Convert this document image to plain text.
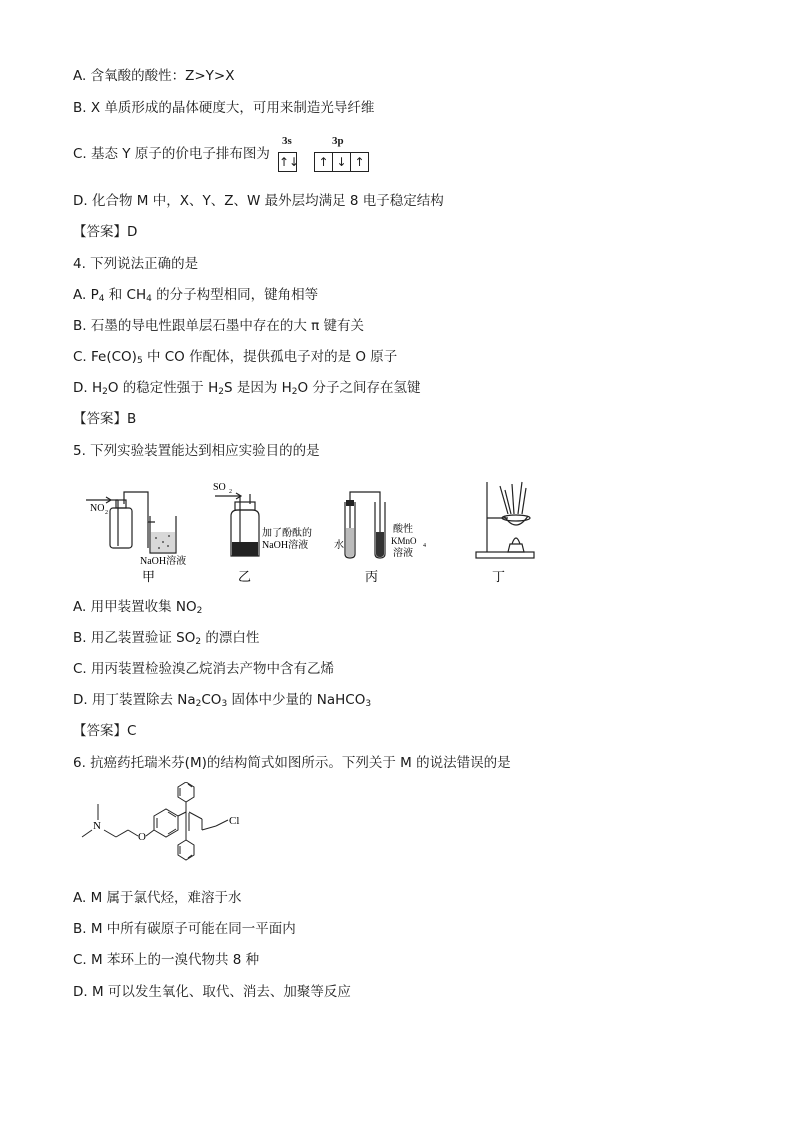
A. 含氧酸的酸性：Z>Y>X
B. X 单质形成的晶体硬度大，可用来制造光导纤维
C. 基态 Y 原子的价电子排布图为
3s	3p
↑↓ ↑ ↓ ↑
D. 化合物 M 中，X、Y、Z、W 最外层均满足 8 电子稳定结构
【答案】D
4. 下列说法正确的是
A. $P_4$ 和 $CH_4$ 的分子构型相同，键角相等
B. 石墨的导电性跟单层石墨中存在的大 π 键有关
C. $Fe(CO)_5$ 中 CO 作配体，提供孤电子对的是 O 原子
D. $H_2O$ 的稳定性强于 $H_2S$ 是因为 $H_2O$ 分子之间存在氢键
【答案】B
5. 下列实验装置能达到相应实验目的的是
NO 2
NaOH溶液
甲
SO 2
加了酚酞的
NaOH溶液
乙
水
酸性
KMnO 4
溶液
丙	丁
A. 用甲装置收集 $NO_2$
B. 用乙装置验证 $SO_2$ 的漂白性
C. 用丙装置检验溴乙烷消去产物中含有乙烯
D. 用丁装置除去 $Na_2CO_3$ 固体中少量的 NaHCO$_3$
【答案】C
6. 抗癌药托瑞米芬(M)的结构简式如图所示。下列关于 M 的说法错误的是
N
O
Cl
A. M 属于氯代烃，难溶于水
B. M 中所有碳原子可能在同一平面内
C. M 苯环上的一溴代物共 8 种
D. M 可以发生氧化、取代、消去、加聚等反应
